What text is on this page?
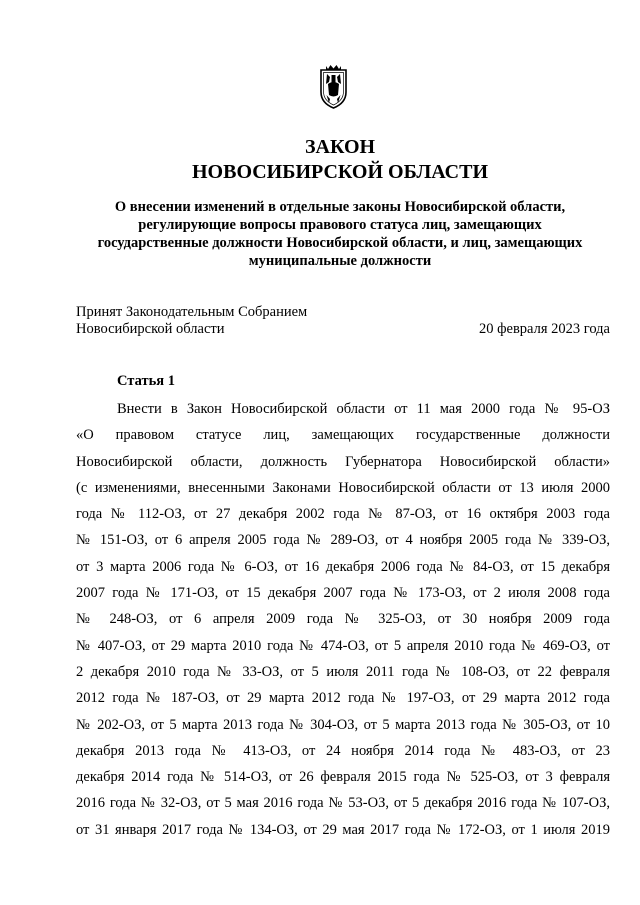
ЗАКОН
НОВОСИБИРСКОЙ ОБЛАСТИ
О внесении изменений в отдельные законы Новосибирской области,
регулирующие вопросы правового статуса лиц, замещающих
государственные должности Новосибирской области, и лиц, замещающих
муниципальные должности
Принят Законодательным Собранием
Новосибирской области	20 февраля 2023 года
Статья 1
Внести в Закон Новосибирской области от 11 мая 2000 года № 95-ОЗ
«О правовом статусе лиц, замещающих государственные должности
Новосибирской области, должность Губернатора Новосибирской области»
(с изменениями, внесенными Законами Новосибирской области от 13 июля 2000
года № 112-ОЗ, от 27 декабря 2002 года № 87-ОЗ, от 16 октября 2003 года
№ 151-ОЗ, от 6 апреля 2005 года № 289-ОЗ, от 4 ноября 2005 года № 339-ОЗ,
от 3 марта 2006 года № 6-ОЗ, от 16 декабря 2006 года № 84-ОЗ, от 15 декабря
2007 года № 171-ОЗ, от 15 декабря 2007 года № 173-ОЗ, от 2 июля 2008 года
№ 248-ОЗ, от 6 апреля 2009 года № 325-ОЗ, от 30 ноября 2009 года
№ 407-ОЗ, от 29 марта 2010 года № 474-ОЗ, от 5 апреля 2010 года № 469-ОЗ, от
2 декабря 2010 года № 33-ОЗ, от 5 июля 2011 года № 108-ОЗ, от 22 февраля
2012 года № 187-ОЗ, от 29 марта 2012 года № 197-ОЗ, от 29 марта 2012 года
№ 202-ОЗ, от 5 марта 2013 года № 304-ОЗ, от 5 марта 2013 года № 305-ОЗ, от 10
декабря 2013 года № 413-ОЗ, от 24 ноября 2014 года № 483-ОЗ, от 23
декабря 2014 года № 514-ОЗ, от 26 февраля 2015 года № 525-ОЗ, от 3 февраля
2016 года № 32-ОЗ, от 5 мая 2016 года № 53-ОЗ, от 5 декабря 2016 года № 107-ОЗ,
от 31 января 2017 года № 134-ОЗ, от 29 мая 2017 года № 172-ОЗ, от 1 июля 2019
